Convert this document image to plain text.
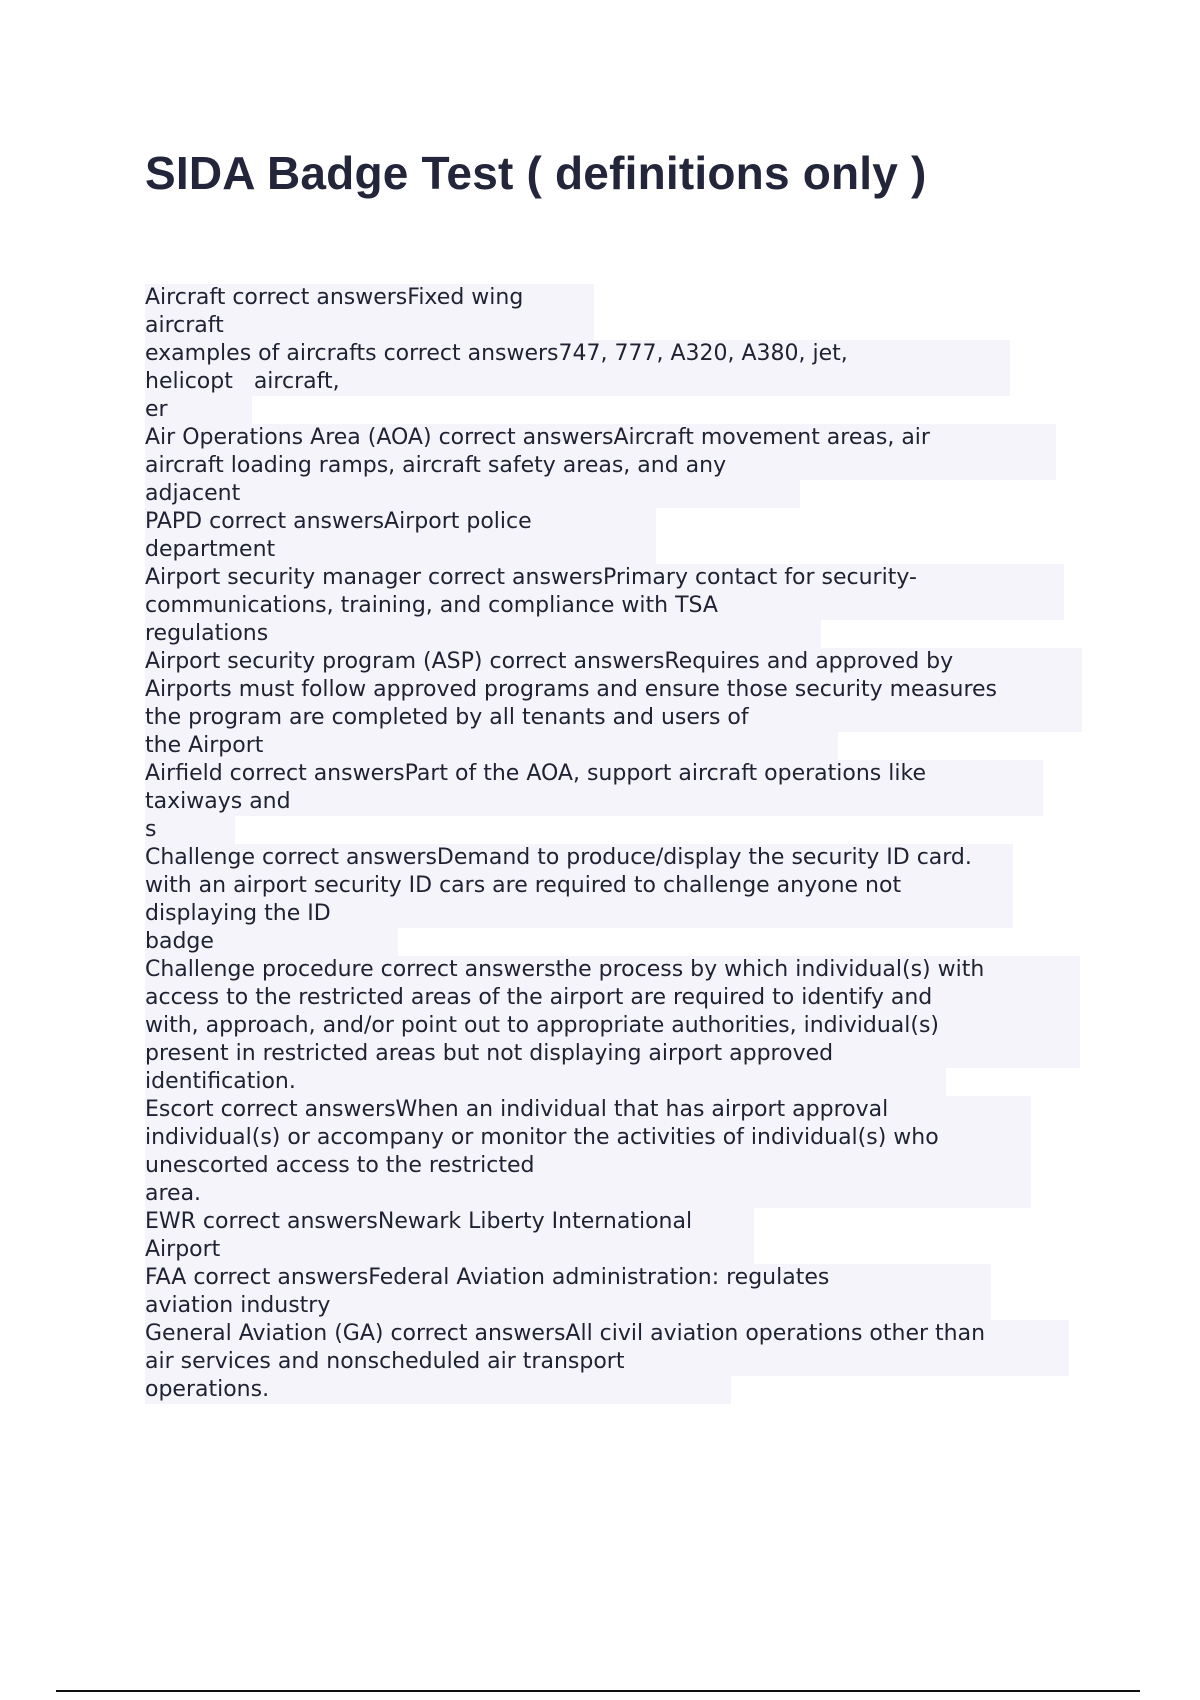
SIDA Badge Test ( definitions only )
Aircraft correct answersFixed wing
aircraft
examples of aircrafts correct answers747, 777, A320, A380, jet,
helicopt   aircraft,
er
Air Operations Area (AOA) correct answersAircraft movement areas, air
aircraft loading ramps, aircraft safety areas, and any
adjacent
PAPD correct answersAirport police
department
Airport security manager correct answersPrimary contact for security-
communications, training, and compliance with TSA
regulations
Airport security program (ASP) correct answersRequires and approved by
Airports must follow approved programs and ensure those security measures
the program are completed by all tenants and users of
the Airport
Airfield correct answersPart of the AOA, support aircraft operations like
taxiways and
s
Challenge correct answersDemand to produce/display the security ID card.
with an airport security ID cars are required to challenge anyone not
displaying the ID
badge
Challenge procedure correct answersthe process by which individual(s) with
access to the restricted areas of the airport are required to identify and
with, approach, and/or point out to appropriate authorities, individual(s)
present in restricted areas but not displaying airport approved
identification.
Escort correct answersWhen an individual that has airport approval
individual(s) or accompany or monitor the activities of individual(s) who
unescorted access to the restricted
area.
EWR correct answersNewark Liberty International
Airport
FAA correct answersFederal Aviation administration: regulates
aviation industry
General Aviation (GA) correct answersAll civil aviation operations other than
air services and nonscheduled air transport
operations.
